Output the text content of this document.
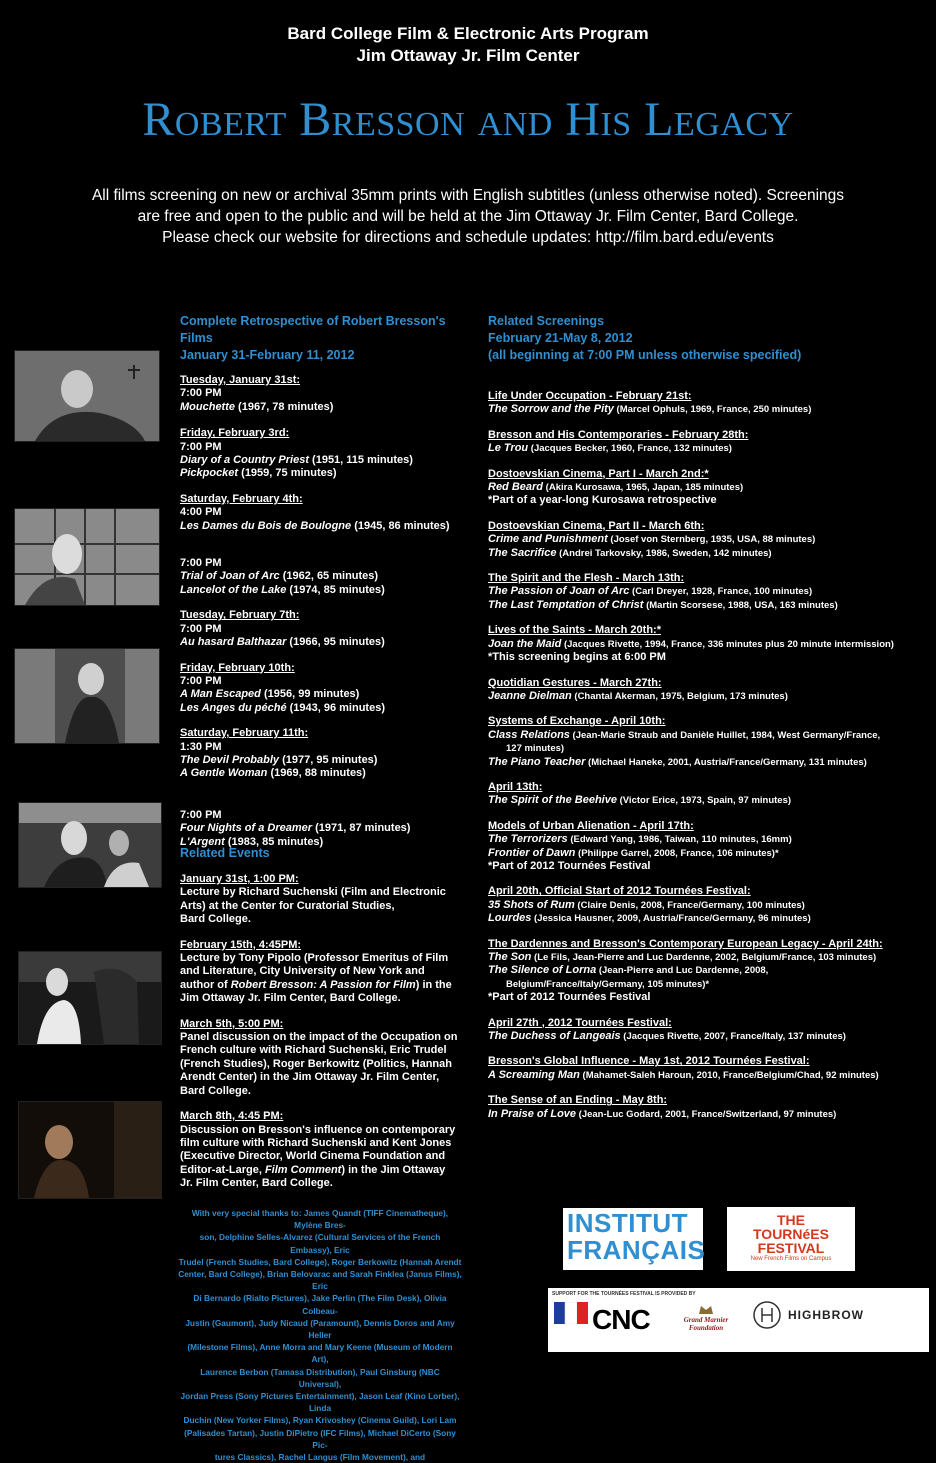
Bard College Film & Electronic Arts Program
Jim Ottaway Jr. Film Center
Robert Bresson and His Legacy
All films screening on new or archival 35mm prints with English subtitles (unless otherwise noted). Screenings
are free and open to the public and will be held at the Jim Ottaway Jr. Film Center, Bard College.
Please check our website for directions and schedule updates: http://film.bard.edu/events
Complete Retrospective of Robert Bresson's Films
January 31-February 11, 2012
Tuesday, January 31st:
7:00 PM
Mouchette (1967, 78 minutes)
Friday, February 3rd:
7:00 PM
Diary of a Country Priest (1951, 115 minutes)
Pickpocket (1959, 75 minutes)
Saturday, February 4th:
4:00 PM
Les Dames du Bois de Boulogne (1945, 86 minutes)
7:00 PM
Trial of Joan of Arc (1962, 65 minutes)
Lancelot of the Lake (1974, 85 minutes)
Tuesday, February 7th:
7:00 PM
Au hasard Balthazar (1966, 95 minutes)
Friday, February 10th:
7:00 PM
A Man Escaped (1956, 99 minutes)
Les Anges du péché (1943, 96 minutes)
Saturday, February 11th:
1:30 PM
The Devil Probably (1977, 95 minutes)
A Gentle Woman (1969, 88 minutes)
7:00 PM
Four Nights of a Dreamer (1971, 87 minutes)
L'Argent (1983, 85 minutes)
Related Events
January 31st, 1:00 PM:
Lecture by Richard Suchenski (Film and Electronic
Arts) at the Center for Curatorial Studies,
Bard College.
February 15th, 4:45PM:
Lecture by Tony Pipolo (Professor Emeritus of Film
and Literature, City University of New York and
author of Robert Bresson: A Passion for Film) in the
Jim Ottaway Jr. Film Center, Bard College.
March 5th, 5:00 PM:
Panel discussion on the impact of the Occupation on
French culture with Richard Suchenski, Eric Trudel
(French Studies), Roger Berkowitz (Politics, Hannah
Arendt Center) in the Jim Ottaway Jr. Film Center,
Bard College.
March 8th, 4:45 PM:
Discussion on Bresson's influence on contemporary
film culture with Richard Suchenski and Kent Jones
(Executive Director, World Cinema Foundation and
Editor-at-Large, Film Comment) in the Jim Ottaway
Jr. Film Center, Bard College.
Related Screenings
February 21-May 8, 2012
(all beginning at 7:00 PM unless otherwise specified)
Life Under Occupation - February 21st:
The Sorrow and the Pity (Marcel Ophuls, 1969, France, 250 minutes)
Bresson and His Contemporaries - February 28th:
Le Trou (Jacques Becker, 1960, France, 132 minutes)
Dostoevskian Cinema, Part I - March 2nd:*
Red Beard (Akira Kurosawa, 1965, Japan, 185 minutes)
*Part of a year-long Kurosawa retrospective
Dostoevskian Cinema, Part II - March 6th:
Crime and Punishment (Josef von Sternberg, 1935, USA, 88 minutes)
The Sacrifice (Andrei Tarkovsky, 1986, Sweden, 142 minutes)
The Spirit and the Flesh - March 13th:
The Passion of Joan of Arc (Carl Dreyer, 1928, France, 100 minutes)
The Last Temptation of Christ (Martin Scorsese, 1988, USA, 163 minutes)
Lives of the Saints - March 20th:*
Joan the Maid (Jacques Rivette, 1994, France, 336 minutes plus 20 minute intermission)
*This screening begins at 6:00 PM
Quotidian Gestures - March 27th:
Jeanne Dielman (Chantal Akerman, 1975, Belgium, 173 minutes)
Systems of Exchange - April 10th:
Class Relations (Jean-Marie Straub and Danièle Huillet, 1984, West Germany/France,
127 minutes)
The Piano Teacher (Michael Haneke, 2001, Austria/France/Germany, 131 minutes)
April 13th:
The Spirit of the Beehive (Victor Erice, 1973, Spain, 97 minutes)
Models of Urban Alienation - April 17th:
The Terrorizers (Edward Yang, 1986, Taiwan, 110 minutes, 16mm)
Frontier of Dawn (Philippe Garrel, 2008, France, 106 minutes)*
*Part of 2012 Tournées Festival
April 20th, Official Start of 2012 Tournées Festival:
35 Shots of Rum (Claire Denis, 2008, France/Germany, 100 minutes)
Lourdes (Jessica Hausner, 2009, Austria/France/Germany, 96 minutes)
The Dardennes and Bresson's Contemporary European Legacy - April 24th:
The Son (Le Fils, Jean-Pierre and Luc Dardenne, 2002, Belgium/France, 103 minutes)
The Silence of Lorna (Jean-Pierre and Luc Dardenne, 2008,
Belgium/France/Italy/Germany, 105 minutes)*
*Part of 2012 Tournées Festival
April 27th , 2012 Tournées Festival:
The Duchess of Langeais (Jacques Rivette, 2007, France/Italy, 137 minutes)
Bresson's Global Influence - May 1st, 2012 Tournées Festival:
A Screaming Man (Mahamet-Saleh Haroun, 2010, France/Belgium/Chad, 92 minutes)
The Sense of an Ending - May 8th:
In Praise of Love (Jean-Luc Godard, 2001, France/Switzerland, 97 minutes)
With very special thanks to: James Quandt (TIFF Cinematheque), Mylène Bres-
son, Delphine Selles-Alvarez (Cultural Services of the French Embassy), Eric
Trudel (French Studies, Bard College), Roger Berkowitz (Hannah Arendt
Center, Bard College), Brian Belovarac and Sarah Finklea (Janus Films), Eric
Di Bernardo (Rialto Pictures), Jake Perlin (The Film Desk), Olivia Colbeau-
Justin (Gaumont), Judy Nicaud (Paramount), Dennis Doros and Amy Heller
(Milestone Films), Anne Morra and Mary Keene (Museum of Modern Art),
Laurence Berbon (Tamasa Distribution), Paul Ginsburg (NBC Universal),
Jordan Press (Sony Pictures Entertainment), Jason Leaf (Kino Lorber), Linda
Duchin (New Yorker Films), Ryan Krivoshey (Cinema Guild), Lori Lam
(Palisades Tartan), Justin DiPietro (IFC Films), Michael DiCerto (Sony Pic-
tures Classics), Rachel Langus (Film Movement), and
INSTITUT
FRANÇAIS
THE
TOURNéES
FESTIVAL
New French Films on Campus
SUPPORT FOR THE TOURNÉES FESTIVAL IS PROVIDED BY
CNC	Grand Marnier Foundation
HIGHBROW
